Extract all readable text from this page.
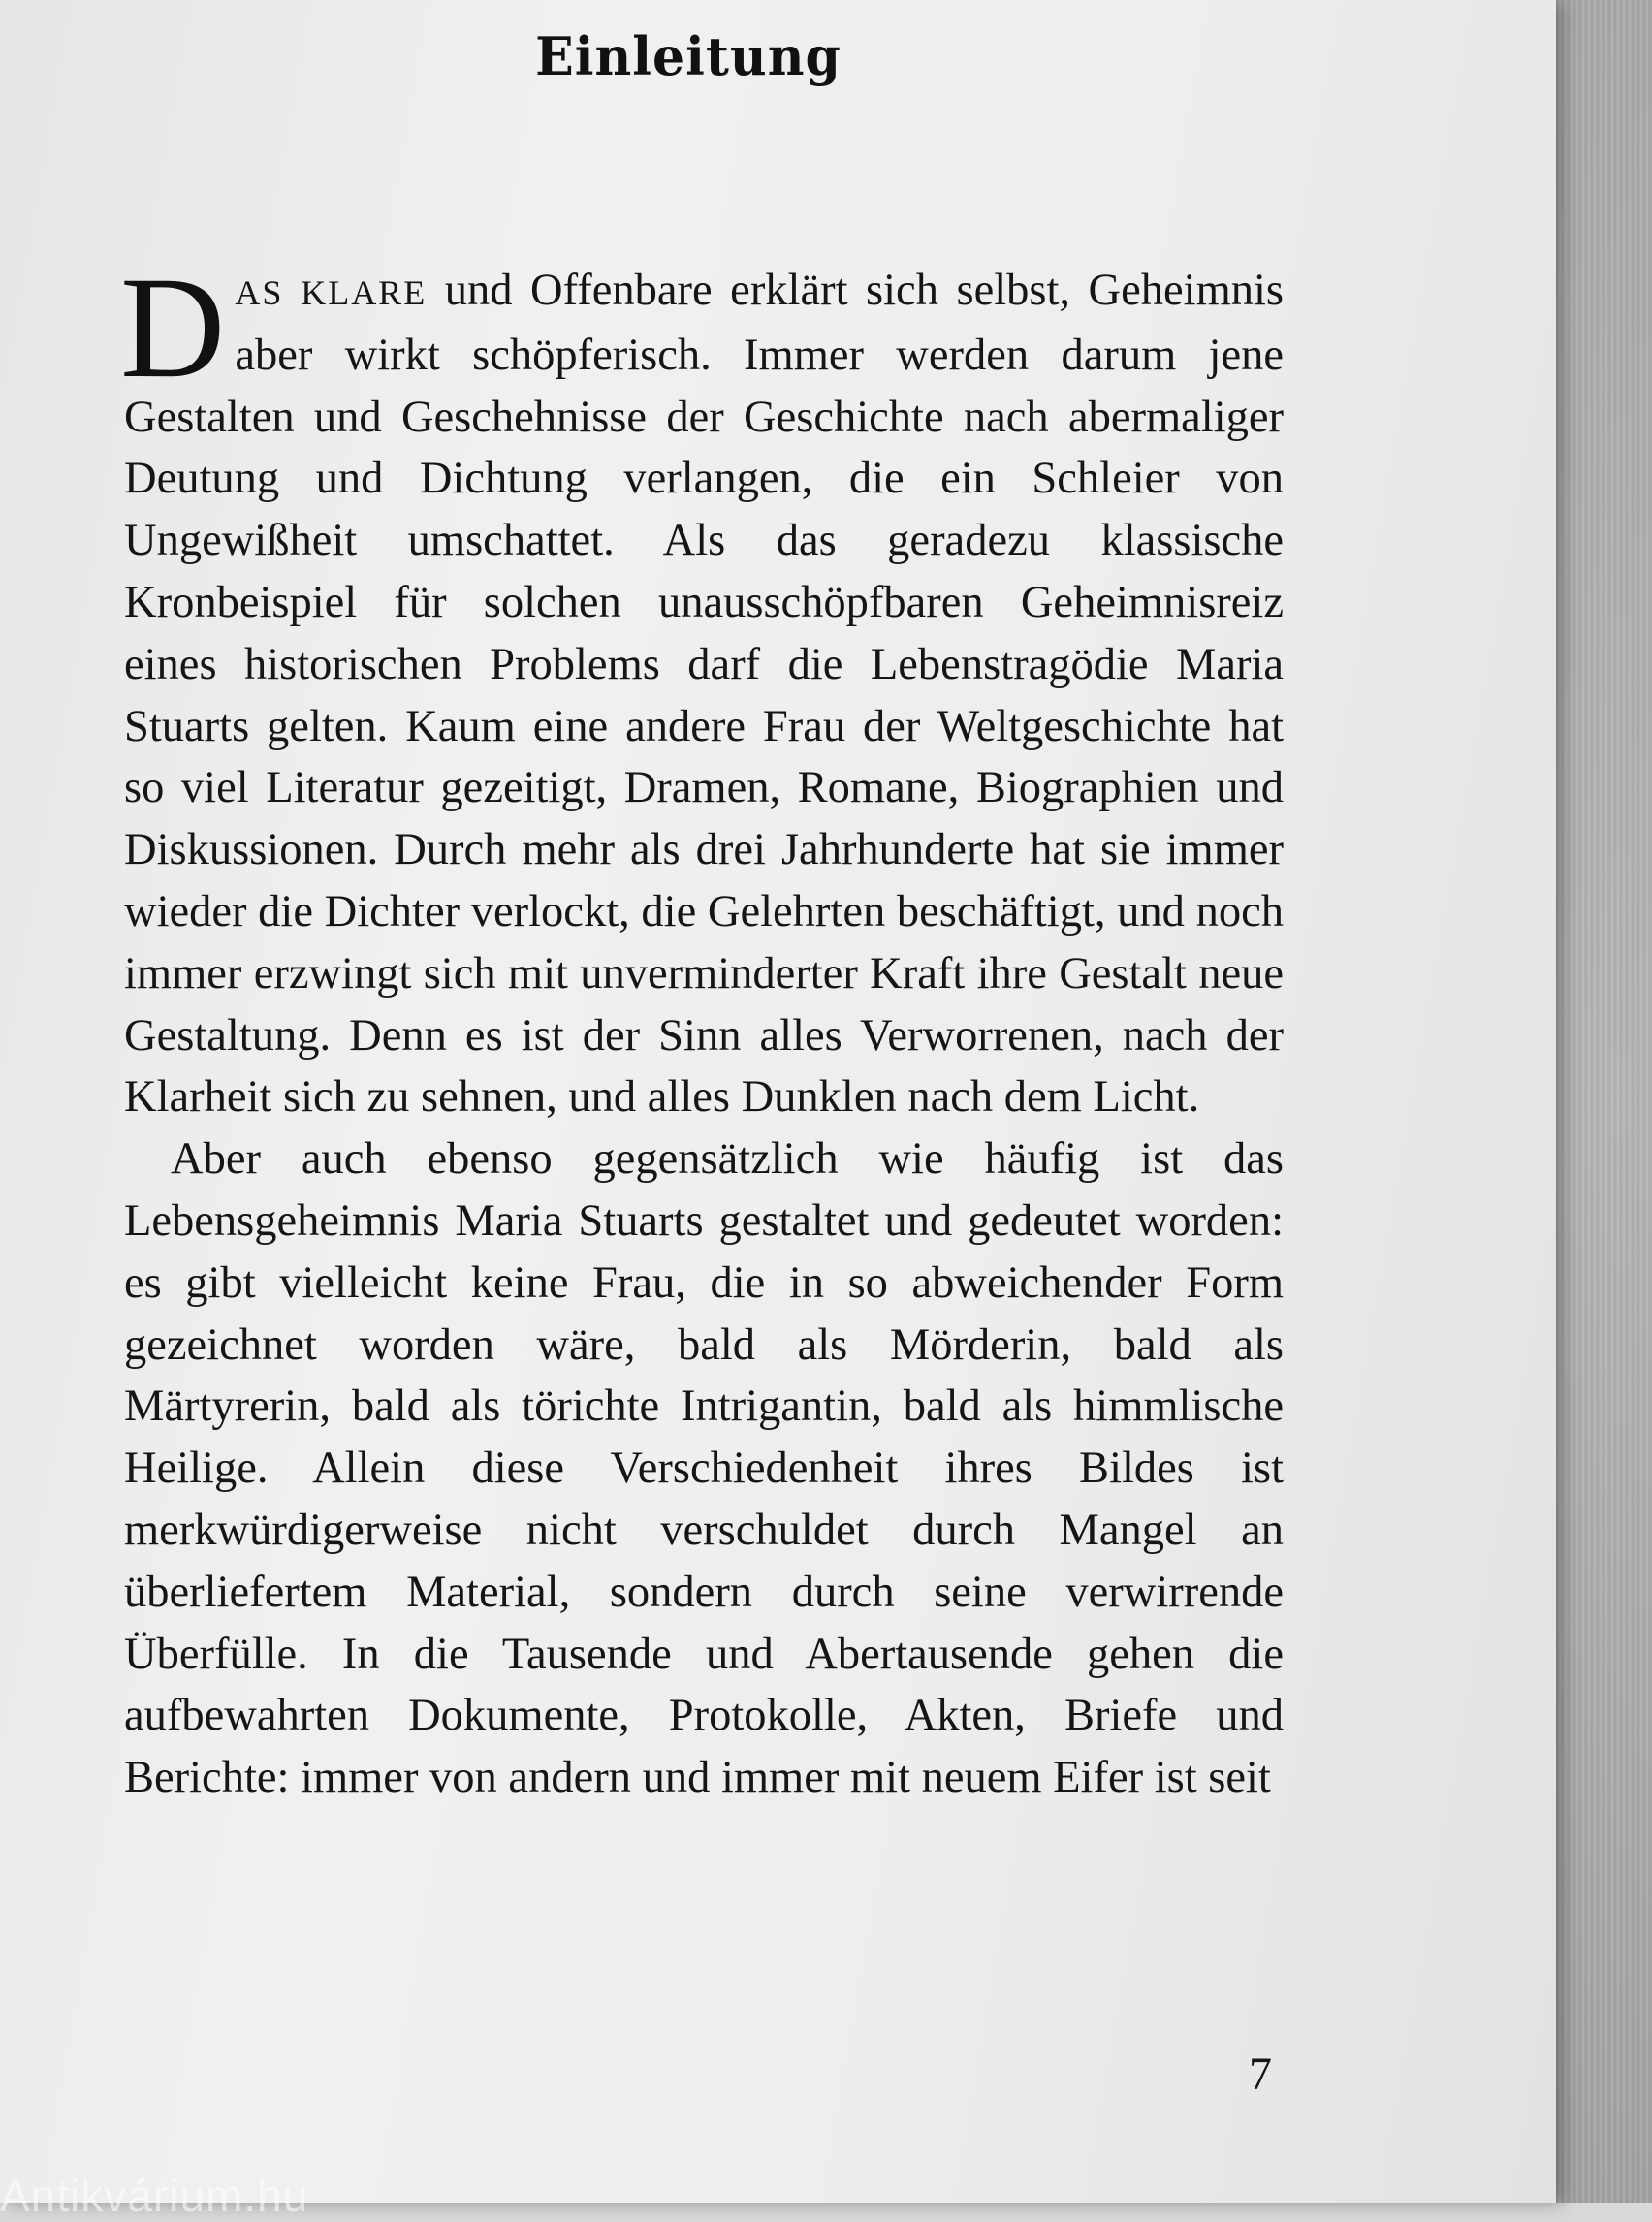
Einleitung

DAS KLARE und Offenbare erklärt sich selbst, Geheimnis aber wirkt schöpferisch. Immer werden darum jene Gestalten und Geschehnisse der Geschichte nach abermaliger Deutung und Dichtung verlangen, die ein Schleier von Ungewißheit umschattet. Als das geradezu klassische Kronbeispiel für solchen unausschöpfbaren Geheimnisreiz eines historischen Problems darf die Lebenstragödie Maria Stuarts gelten. Kaum eine andere Frau der Weltgeschichte hat so viel Literatur gezeitigt, Dramen, Romane, Biographien und Diskussionen. Durch mehr als drei Jahrhunderte hat sie immer wieder die Dichter verlockt, die Gelehrten beschäftigt, und noch immer erzwingt sich mit unverminderter Kraft ihre Gestalt neue Gestaltung. Denn es ist der Sinn alles Verworrenen, nach der Klarheit sich zu sehnen, und alles Dunklen nach dem Licht.

Aber auch ebenso gegensätzlich wie häufig ist das Lebensgeheimnis Maria Stuarts gestaltet und gedeutet worden: es gibt vielleicht keine Frau, die in so abweichender Form gezeichnet worden wäre, bald als Mörderin, bald als Märtyrerin, bald als törichte Intrigantin, bald als himmlische Heilige. Allein diese Verschiedenheit ihres Bildes ist merkwürdigerweise nicht verschuldet durch Mangel an überliefertem Material, sondern durch seine verwirrende Überfülle. In die Tausende und Abertausende gehen die aufbewahrten Dokumente, Protokolle, Akten, Briefe und Berichte: immer von andern und immer mit neuem Eifer ist seit

7
Antikvárium.hu
